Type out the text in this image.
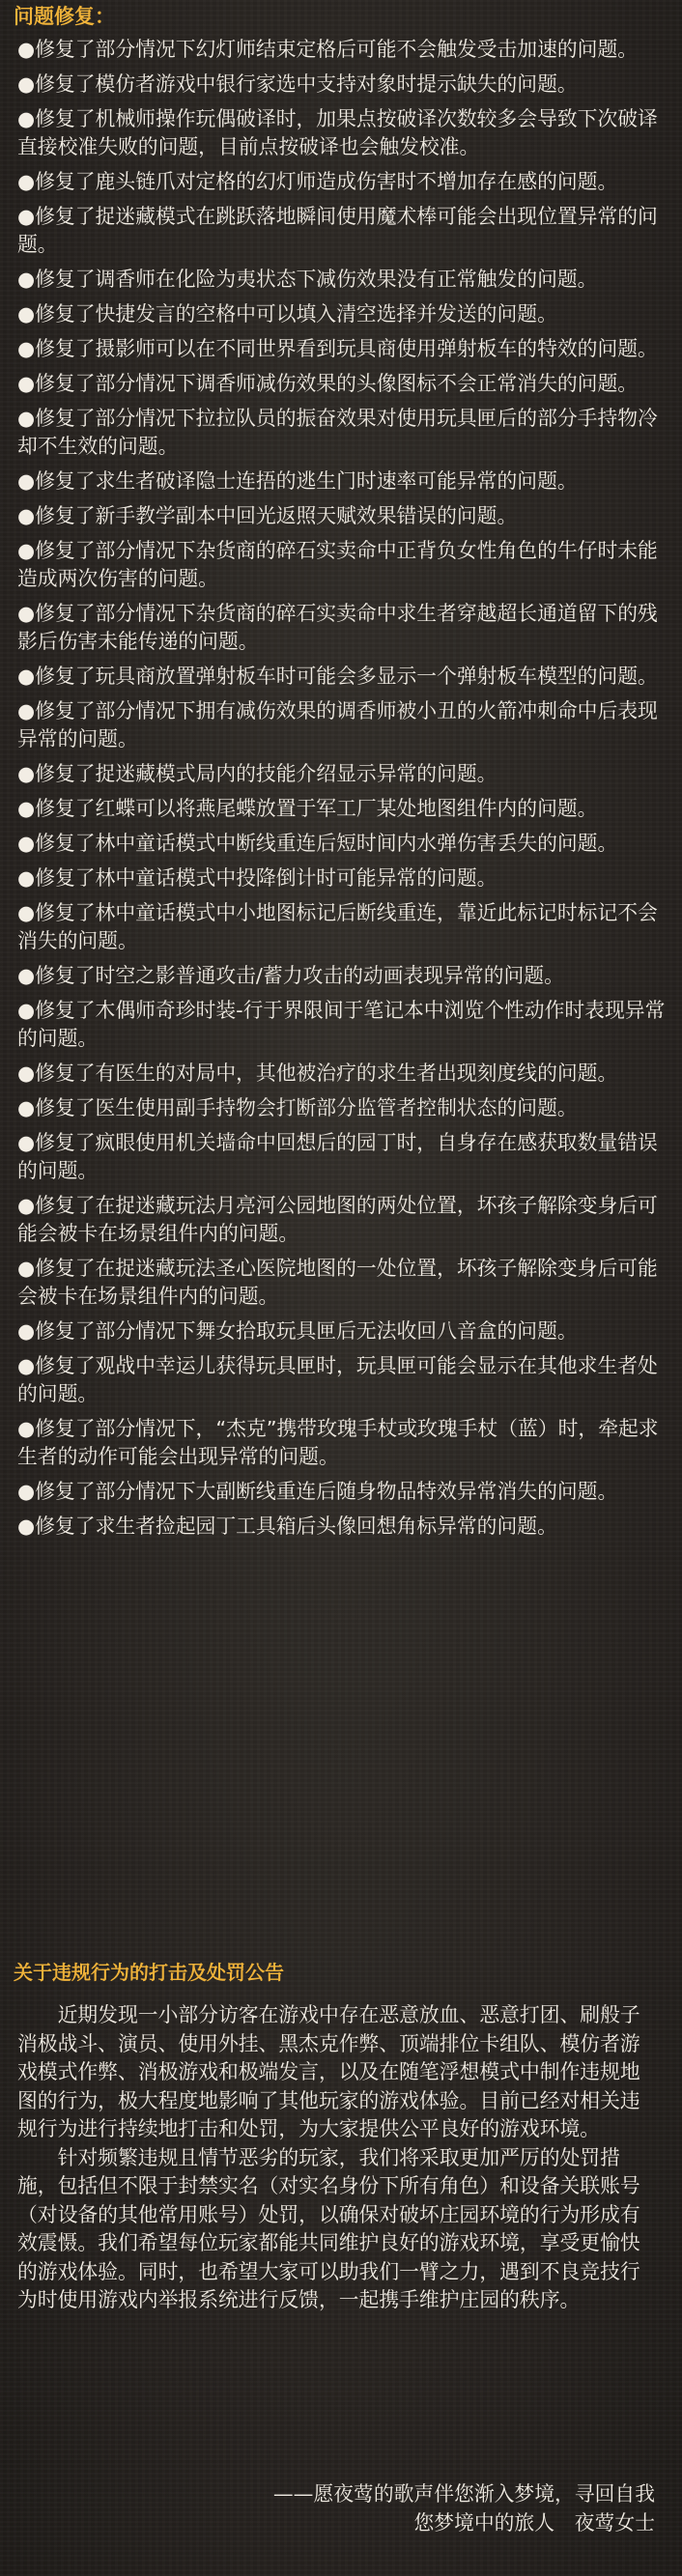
问题修复：
●修复了部分情况下幻灯师结束定格后可能不会触发受击加速的问题。
●修复了模仿者游戏中银行家选中支持对象时提示缺失的问题。
●修复了机械师操作玩偶破译时，加果点按破译次数较多会导致下次破译直接校准失败的问题，目前点按破译也会触发校准。
●修复了鹿头链爪对定格的幻灯师造成伤害时不增加存在感的问题。
●修复了捉迷藏模式在跳跃落地瞬间使用魔术棒可能会出现位置异常的问题。
●修复了调香师在化险为夷状态下减伤效果没有正常触发的问题。
●修复了快捷发言的空格中可以填入清空选择并发送的问题。
●修复了摄影师可以在不同世界看到玩具商使用弹射板车的特效的问题。
●修复了部分情况下调香师减伤效果的头像图标不会正常消失的问题。
●修复了部分情况下拉拉队员的振奋效果对使用玩具匣后的部分手持物冷却不生效的问题。
●修复了求生者破译隐士连捂的逃生门时速率可能异常的问题。
●修复了新手教学副本中回光返照天赋效果错误的问题。
●修复了部分情况下杂货商的碎石实卖命中正背负女性角色的牛仔时未能造成两次伤害的问题。
●修复了部分情况下杂货商的碎石实卖命中求生者穿越超长通道留下的残影后伤害未能传递的问题。
●修复了玩具商放置弹射板车时可能会多显示一个弹射板车模型的问题。
●修复了部分情况下拥有减伤效果的调香师被小丑的火箭冲刺命中后表现异常的问题。
●修复了捉迷藏模式局内的技能介绍显示异常的问题。
●修复了红蝶可以将燕尾蝶放置于军工厂某处地图组件内的问题。
●修复了林中童话模式中断线重连后短时间内水弹伤害丢失的问题。
●修复了林中童话模式中投降倒计时可能异常的问题。
●修复了林中童话模式中小地图标记后断线重连，靠近此标记时标记不会消失的问题。
●修复了时空之影普通攻击/蓄力攻击的动画表现异常的问题。
●修复了木偶师奇珍时装-行于界限间于笔记本中浏览个性动作时表现异常的问题。
●修复了有医生的对局中，其他被治疗的求生者出现刻度线的问题。
●修复了医生使用副手持物会打断部分监管者控制状态的问题。
●修复了疯眼使用机关墙命中回想后的园丁时，自身存在感获取数量错误的问题。
●修复了在捉迷藏玩法月亮河公园地图的两处位置，坏孩子解除变身后可能会被卡在场景组件内的问题。
●修复了在捉迷藏玩法圣心医院地图的一处位置，坏孩子解除变身后可能会被卡在场景组件内的问题。
●修复了部分情况下舞女拾取玩具匣后无法收回八音盒的问题。
●修复了观战中幸运儿获得玩具匣时，玩具匣可能会显示在其他求生者处的问题。
●修复了部分情况下，“杰克”携带玫瑰手杖或玫瑰手杖（蓝）时，牵起求生者的动作可能会出现异常的问题。
●修复了部分情况下大副断线重连后随身物品特效异常消失的问题。
●修复了求生者捡起园丁工具箱后头像回想角标异常的问题。
关于违规行为的打击及处罚公告

近期发现一小部分访客在游戏中存在恶意放血、恶意打团、刷般子消极战斗、演员、使用外挂、黑杰克作弊、顶端排位卡组队、模仿者游戏模式作弊、消极游戏和极端发言，以及在随笔浮想模式中制作违规地图的行为，极大程度地影响了其他玩家的游戏体验。目前已经对相关违规行为进行持续地打击和处罚，为大家提供公平良好的游戏环境。

针对频繁违规且情节恶劣的玩家，我们将采取更加严厉的处罚措施，包括但不限于封禁实名（对实名身份下所有角色）和设备关联账号（对设备的其他常用账号）处罚，以确保对破坏庄园环境的行为形成有效震慑。我们希望每位玩家都能共同维护良好的游戏环境，享受更愉快的游戏体验。同时，也希望大家可以助我们一臂之力，遇到不良竞技行为时使用游戏内举报系统进行反馈，一起携手维护庄园的秩序。

——愿夜莺的歌声伴您渐入梦境，寻回自我
您梦境中的旅人　夜莺女士
